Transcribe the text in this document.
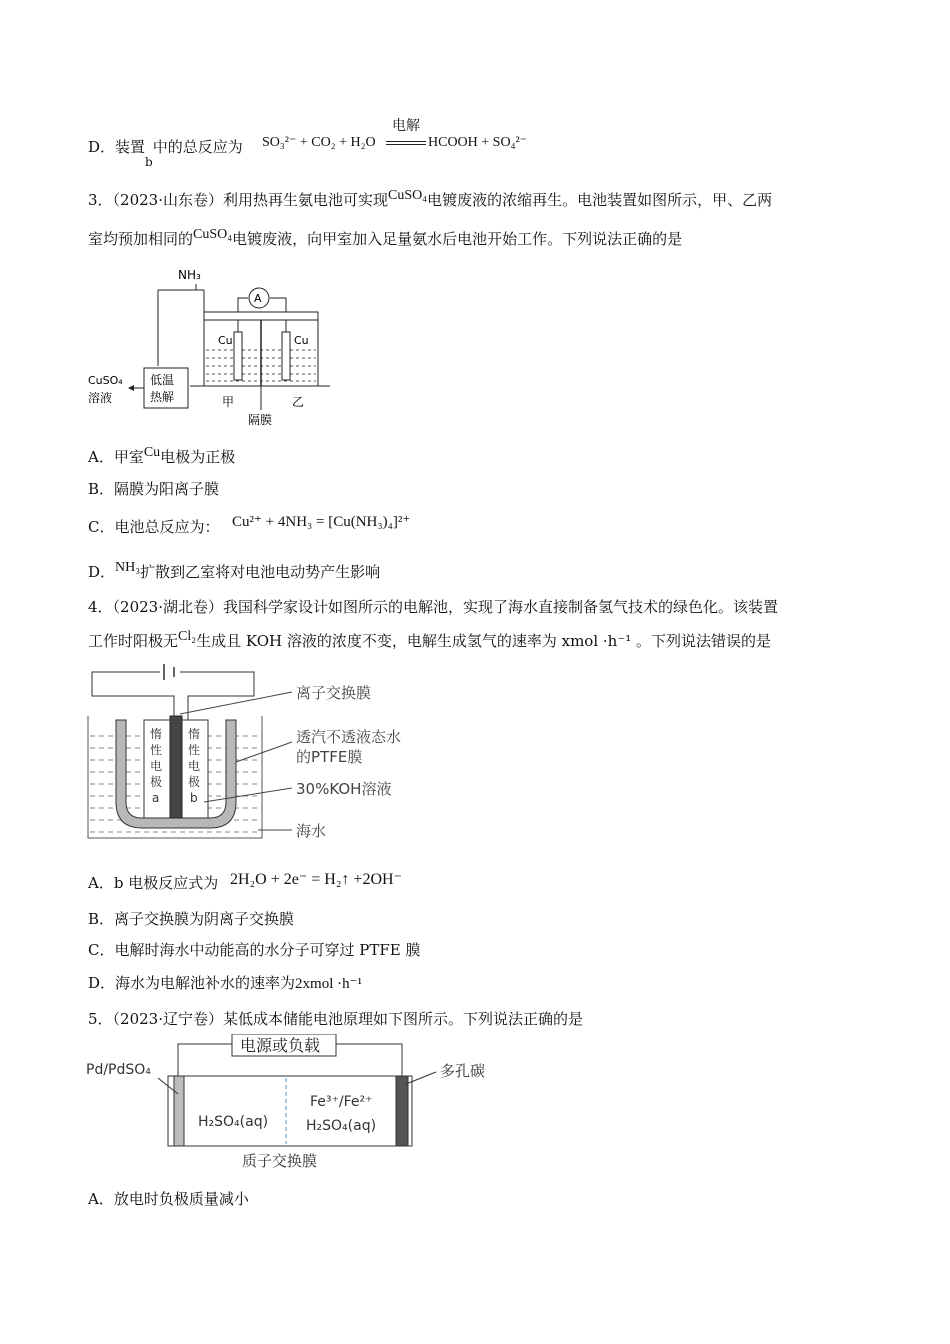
D．装置$_b$中的总反应为 SO₃²⁻ + CO₂ + H₂O
电解
HCOOH + SO₄²⁻
3．（2023·山东卷）利用热再生氨电池可实现CuSO₄电镀废液的浓缩再生。电池装置如图所示，甲、乙两
室均预加相同的CuSO₄电镀废液，向甲室加入足量氨水后电池开始工作。下列说法正确的是
NH₃
A
Cu	Cu
低温
热解
CuSO₄
溶液	甲	乙
隔膜
A．甲室Cu电极为正极
B．隔膜为阳离子膜
C．电池总反应为： Cu²⁺ + 4NH₃ = [Cu(NH₃)₄]²⁺
D．NH₃扩散到乙室将对电池电动势产生影响
4．（2023·湖北卷）我国科学家设计如图所示的电解池，实现了海水直接制备氢气技术的绿色化。该装置
工作时阳极无Cl₂生成且 KOH 溶液的浓度不变，电解生成氢气的速率为 xmol ·h⁻¹ 。下列说法错误的是
惰性电极 a
惰性电极 b
离子交换膜
透汽不透液态水
的PTFE膜
30%KOH溶液
海水
A．b 电极反应式为 2H₂O + 2e⁻ = H₂↑ +2OH⁻
B．离子交换膜为阴离子交换膜
C．电解时海水中动能高的水分子可穿过 PTFE 膜
D．海水为电解池补水的速率为2xmol ·h⁻¹
5．（2023·辽宁卷）某低成本储能电池原理如下图所示。下列说法正确的是
电源或负载
H₂SO₄(aq)
Fe³⁺/Fe²⁺
H₂SO₄(aq)
Pd/PdSO₄	多孔碳
质子交换膜
A．放电时负极质量减小
